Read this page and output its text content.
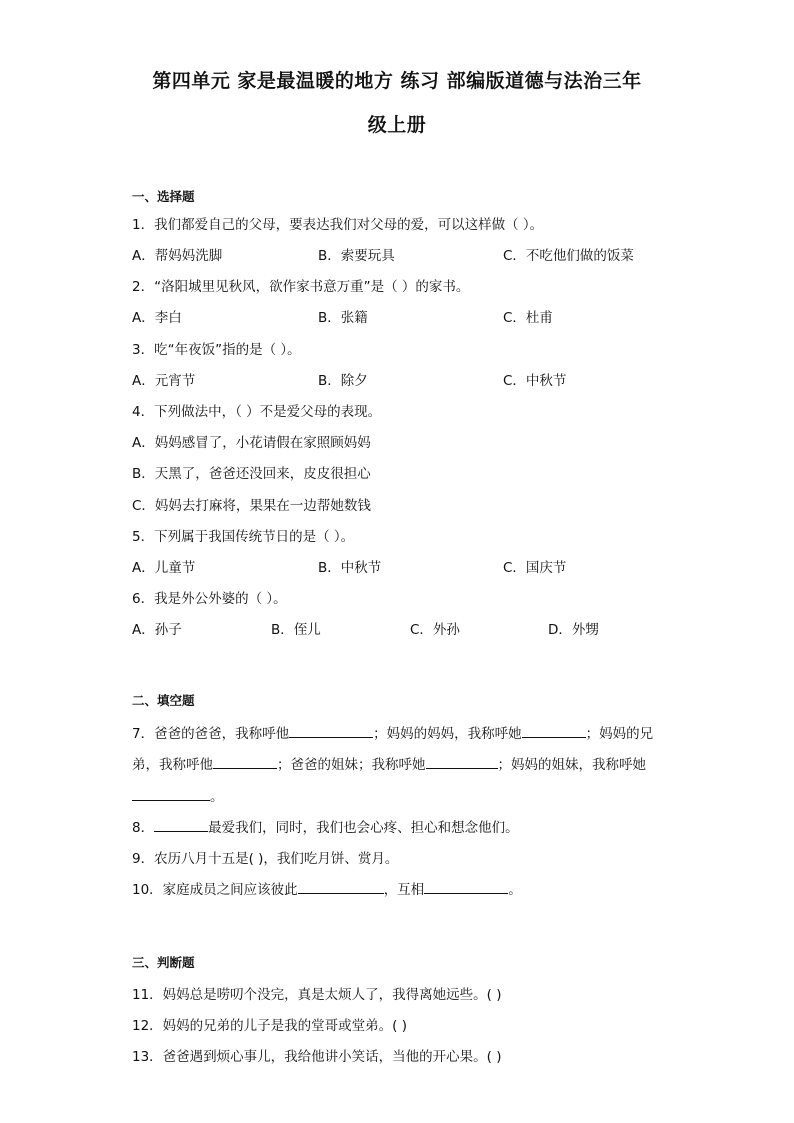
第四单元 家是最温暖的地方 练习 部编版道德与法治三年
级上册
一、选择题
1．我们都爱自己的父母，要表达我们对父母的爱，可以这样做（ ）。
A．帮妈妈洗脚	B．索要玩具	C．不吃他们做的饭菜
2．“洛阳城里见秋风，欲作家书意万重”是（ ）的家书。
A．李白	B．张籍	C．杜甫
3．吃“年夜饭”指的是（ ）。
A．元宵节	B．除夕	C．中秋节
4．下列做法中，（ ）不是爱父母的表现。
A．妈妈感冒了，小花请假在家照顾妈妈
B．天黑了，爸爸还没回来，皮皮很担心
C．妈妈去打麻将，果果在一边帮她数钱
5．下列属于我国传统节日的是（ ）。
A．儿童节	B．中秋节	C．国庆节
6．我是外公外婆的（ ）。
A．孙子	B．侄儿	C．外孙	D．外甥
二、填空题
7．爸爸的爸爸，我称呼他	；妈妈的妈妈，我称呼她	；妈妈的兄
弟，我称呼他	；爸爸的姐妹；我称呼她	；妈妈的姐妹，我称呼她
。
8．	最爱我们，同时，我们也会心疼、担心和想念他们。
9．农历八月十五是( )，我们吃月饼、赏月。
10．家庭成员之间应该彼此	，互相	。
三、判断题
11．妈妈总是唠叨个没完，真是太烦人了，我得离她远些。( )
12．妈妈的兄弟的儿子是我的堂哥或堂弟。( )
13．爸爸遇到烦心事儿，我给他讲小笑话，当他的开心果。( )
